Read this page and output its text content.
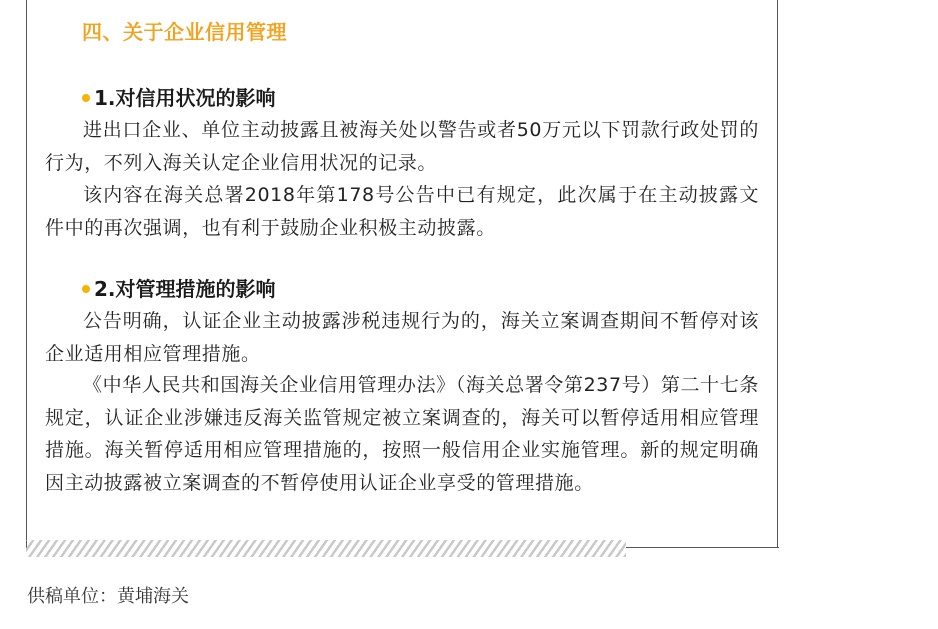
四、关于企业信用管理
1.对信用状况的影响

进出口企业、单位主动披露且被海关处以警告或者50万元以下罚款行政处罚的行为，不列入海关认定企业信用状况的记录。

该内容在海关总署2018年第178号公告中已有规定，此次属于在主动披露文件中的再次强调，也有利于鼓励企业积极主动披露。

2.对管理措施的影响

公告明确，认证企业主动披露涉税违规行为的，海关立案调查期间不暂停对该企业适用相应管理措施。

《中华人民共和国海关企业信用管理办法》（海关总署令第237号）第二十七条规定，认证企业涉嫌违反海关监管规定被立案调查的，海关可以暂停适用相应管理措施。海关暂停适用相应管理措施的，按照一般信用企业实施管理。新的规定明确因主动披露被立案调查的不暂停使用认证企业享受的管理措施。

供稿单位：黄埔海关
